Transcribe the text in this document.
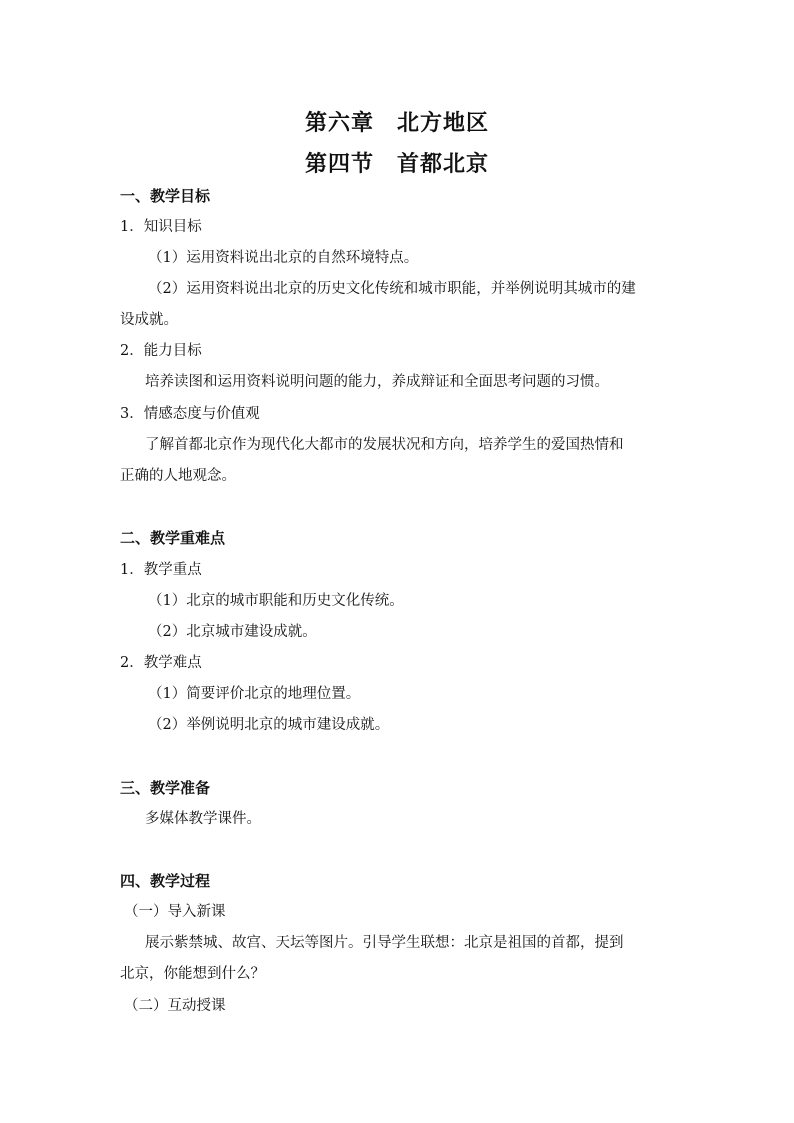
第六章　北方地区
第四节　首都北京
一、教学目标
1．知识目标
（1）运用资料说出北京的自然环境特点。
（2）运用资料说出北京的历史文化传统和城市职能，并举例说明其城市的建
设成就。
2．能力目标
培养读图和运用资料说明问题的能力，养成辩证和全面思考问题的习惯。
3．情感态度与价值观
了解首都北京作为现代化大都市的发展状况和方向，培养学生的爱国热情和
正确的人地观念。
二、教学重难点
1．教学重点
（1）北京的城市职能和历史文化传统。
（2）北京城市建设成就。
2．教学难点
（1）简要评价北京的地理位置。
（2）举例说明北京的城市建设成就。
三、教学准备
多媒体教学课件。
四、教学过程
（一）导入新课
展示紫禁城、故宫、天坛等图片。引导学生联想：北京是祖国的首都，提到
北京，你能想到什么？
（二）互动授课
